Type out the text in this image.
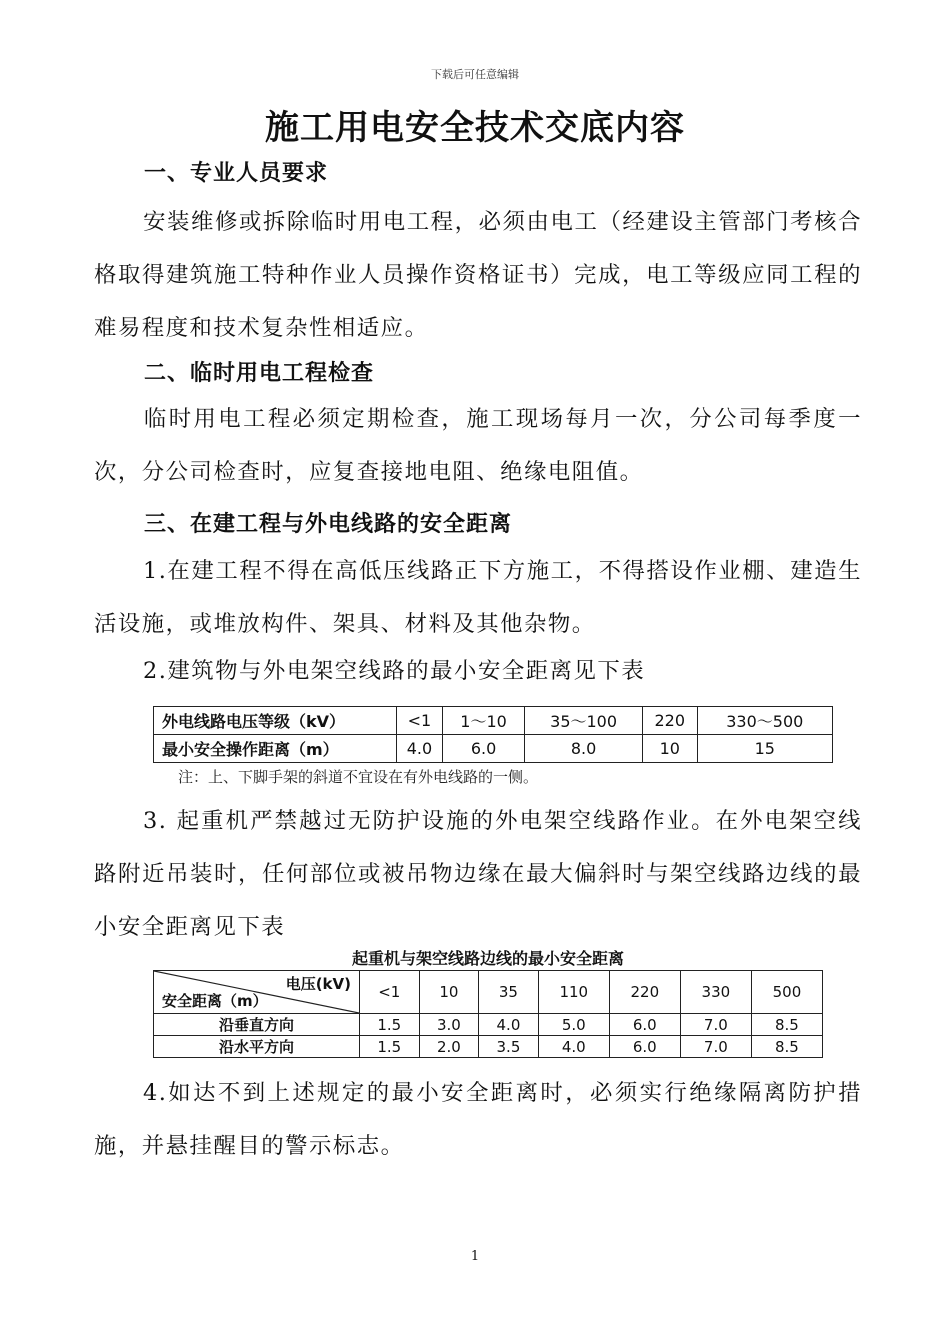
下载后可任意编辑
施工用电安全技术交底内容
一、专业人员要求
安装维修或拆除临时用电工程，必须由电工（经建设主管部门考核合格取得建筑施工特种作业人员操作资格证书）完成，电工等级应同工程的难易程度和技术复杂性相适应。
二、临时用电工程检查
临时用电工程必须定期检查，施工现场每月一次，分公司每季度一次，分公司检查时，应复查接地电阻、绝缘电阻值。
三、在建工程与外电线路的安全距离
1.在建工程不得在高低压线路正下方施工，不得搭设作业棚、建造生活设施，或堆放构件、架具、材料及其他杂物。
2.建筑物与外电架空线路的最小安全距离见下表
外电线路电压等级（kV）	<1	1～10	35～100	220	330～500
最小安全操作距离（m）	4.0	6.0	8.0	10	15
注：上、下脚手架的斜道不宜设在有外电线路的一侧。
3. 起重机严禁越过无防护设施的外电架空线路作业。在外电架空线路附近吊装时，任何部位或被吊物边缘在最大偏斜时与架空线路边线的最小安全距离见下表
起重机与架空线路边线的最小安全距离
电压(kV)
安全距离（m）	<1	10	35	110	220	330	500
沿垂直方向	1.5	3.0	4.0	5.0	6.0	7.0	8.5
沿水平方向	1.5	2.0	3.5	4.0	6.0	7.0	8.5
4.如达不到上述规定的最小安全距离时，必须实行绝缘隔离防护措施，并悬挂醒目的警示标志。
1
